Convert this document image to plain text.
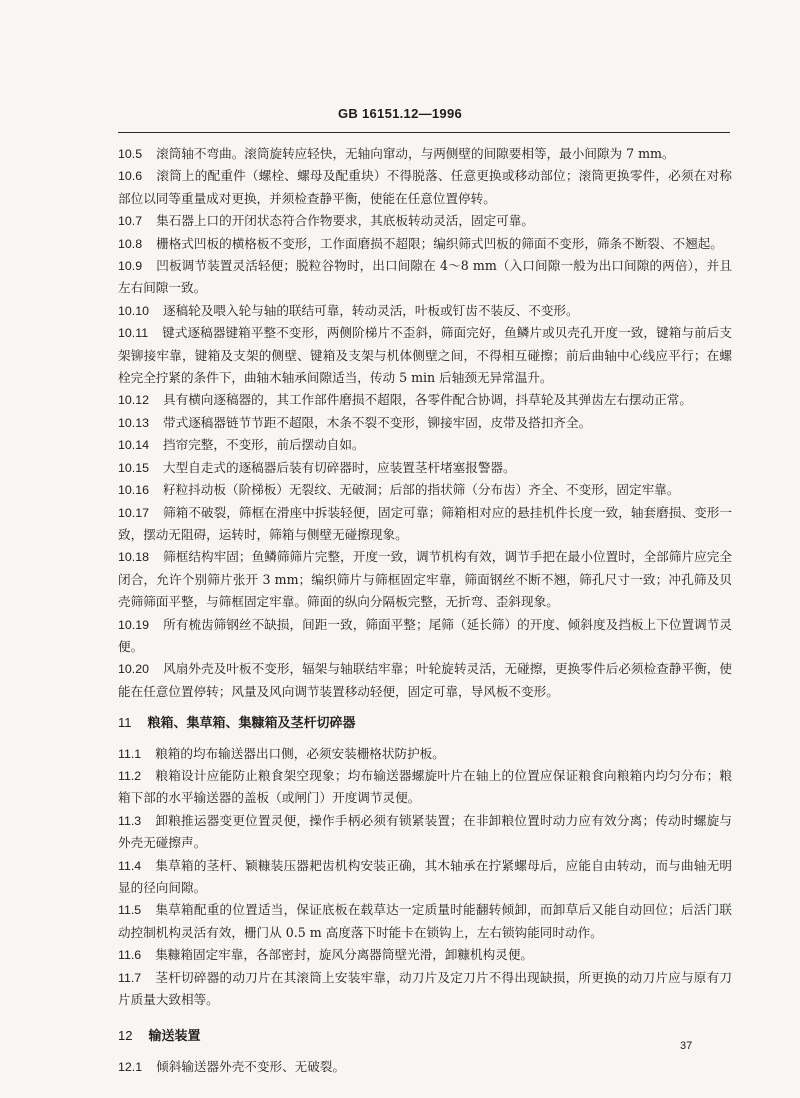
GB 16151.12—1996

10.5 滚筒轴不弯曲。滚筒旋转应轻快，无轴向窜动，与两侧壁的间隙要相等，最小间隙为 7 mm。

10.6 滚筒上的配重件（螺栓、螺母及配重块）不得脱落、任意更换或移动部位；滚筒更换零件，必须在对称部位以同等重量成对更换，并须检查静平衡，使能在任意位置停转。

10.7 集石器上口的开闭状态符合作物要求，其底板转动灵活，固定可靠。

10.8 栅格式凹板的横格板不变形，工作面磨损不超限；编织筛式凹板的筛面不变形，筛条不断裂、不翘起。

10.9 凹板调节装置灵活轻便；脱粒谷物时，出口间隙在 4～8 mm（入口间隙一般为出口间隙的两倍），并且左右间隙一致。

10.10 逐稿轮及喂入轮与轴的联结可靠，转动灵活，叶板或钉齿不装反、不变形。

10.11 键式逐稿器键箱平整不变形，两侧阶梯片不歪斜，筛面完好，鱼鳞片或贝壳孔开度一致，键箱与前后支架铆接牢靠，键箱及支架的侧壁、键箱及支架与机体侧壁之间，不得相互碰擦；前后曲轴中心线应平行；在螺栓完全拧紧的条件下，曲轴木轴承间隙适当，传动 5 min 后轴颈无异常温升。

10.12 具有横向逐稿器的，其工作部件磨损不超限，各零件配合协调，抖草轮及其弹齿左右摆动正常。

10.13 带式逐稿器链节节距不超限，木条不裂不变形，铆接牢固，皮带及搭扣齐全。

10.14 挡帘完整，不变形，前后摆动自如。

10.15 大型自走式的逐稿器后装有切碎器时，应装置茎杆堵塞报警器。

10.16 籽粒抖动板（阶梯板）无裂纹、无破洞；后部的指状筛（分布齿）齐全、不变形，固定牢靠。

10.17 筛箱不破裂，筛框在滑座中拆装轻便，固定可靠；筛箱相对应的悬挂机件长度一致，轴套磨损、变形一致，摆动无阻碍，运转时，筛箱与侧壁无碰擦现象。

10.18 筛框结构牢固；鱼鳞筛筛片完整，开度一致，调节机构有效，调节手把在最小位置时，全部筛片应完全闭合，允许个别筛片张开 3 mm；编织筛片与筛框固定牢靠，筛面钢丝不断不翘，筛孔尺寸一致；冲孔筛及贝壳筛筛面平整，与筛框固定牢靠。筛面的纵向分隔板完整，无折弯、歪斜现象。

10.19 所有梳齿筛钢丝不缺损，间距一致，筛面平整；尾筛（延长筛）的开度、倾斜度及挡板上下位置调节灵便。

10.20 风扇外壳及叶板不变形，辐架与轴联结牢靠；叶轮旋转灵活，无碰擦，更换零件后必须检查静平衡，使能在任意位置停转；风量及风向调节装置移动轻便，固定可靠，导风板不变形。

11 粮箱、集草箱、集糠箱及茎杆切碎器

11.1 粮箱的均布输送器出口侧，必须安装栅格状防护板。

11.2 粮箱设计应能防止粮食架空现象；均布输送器螺旋叶片在轴上的位置应保证粮食向粮箱内均匀分布；粮箱下部的水平输送器的盖板（或闸门）开度调节灵便。

11.3 卸粮推运器变更位置灵便，操作手柄必须有锁紧装置；在非卸粮位置时动力应有效分离；传动时螺旋与外壳无碰擦声。

11.4 集草箱的茎杆、颖糠装压器耙齿机构安装正确，其木轴承在拧紧螺母后，应能自由转动，而与曲轴无明显的径向间隙。

11.5 集草箱配重的位置适当，保证底板在载草达一定质量时能翻转倾卸，而卸草后又能自动回位；后活门联动控制机构灵活有效，栅门从 0.5 m 高度落下时能卡在锁钩上，左右锁钩能同时动作。

11.6 集糠箱固定牢靠，各部密封，旋风分离器筒壁光滑，卸糠机构灵便。

11.7 茎杆切碎器的动刀片在其滚筒上安装牢靠，动刀片及定刀片不得出现缺损，所更换的动刀片应与原有刀片质量大致相等。

12 输送装置

12.1 倾斜输送器外壳不变形、无破裂。

37
